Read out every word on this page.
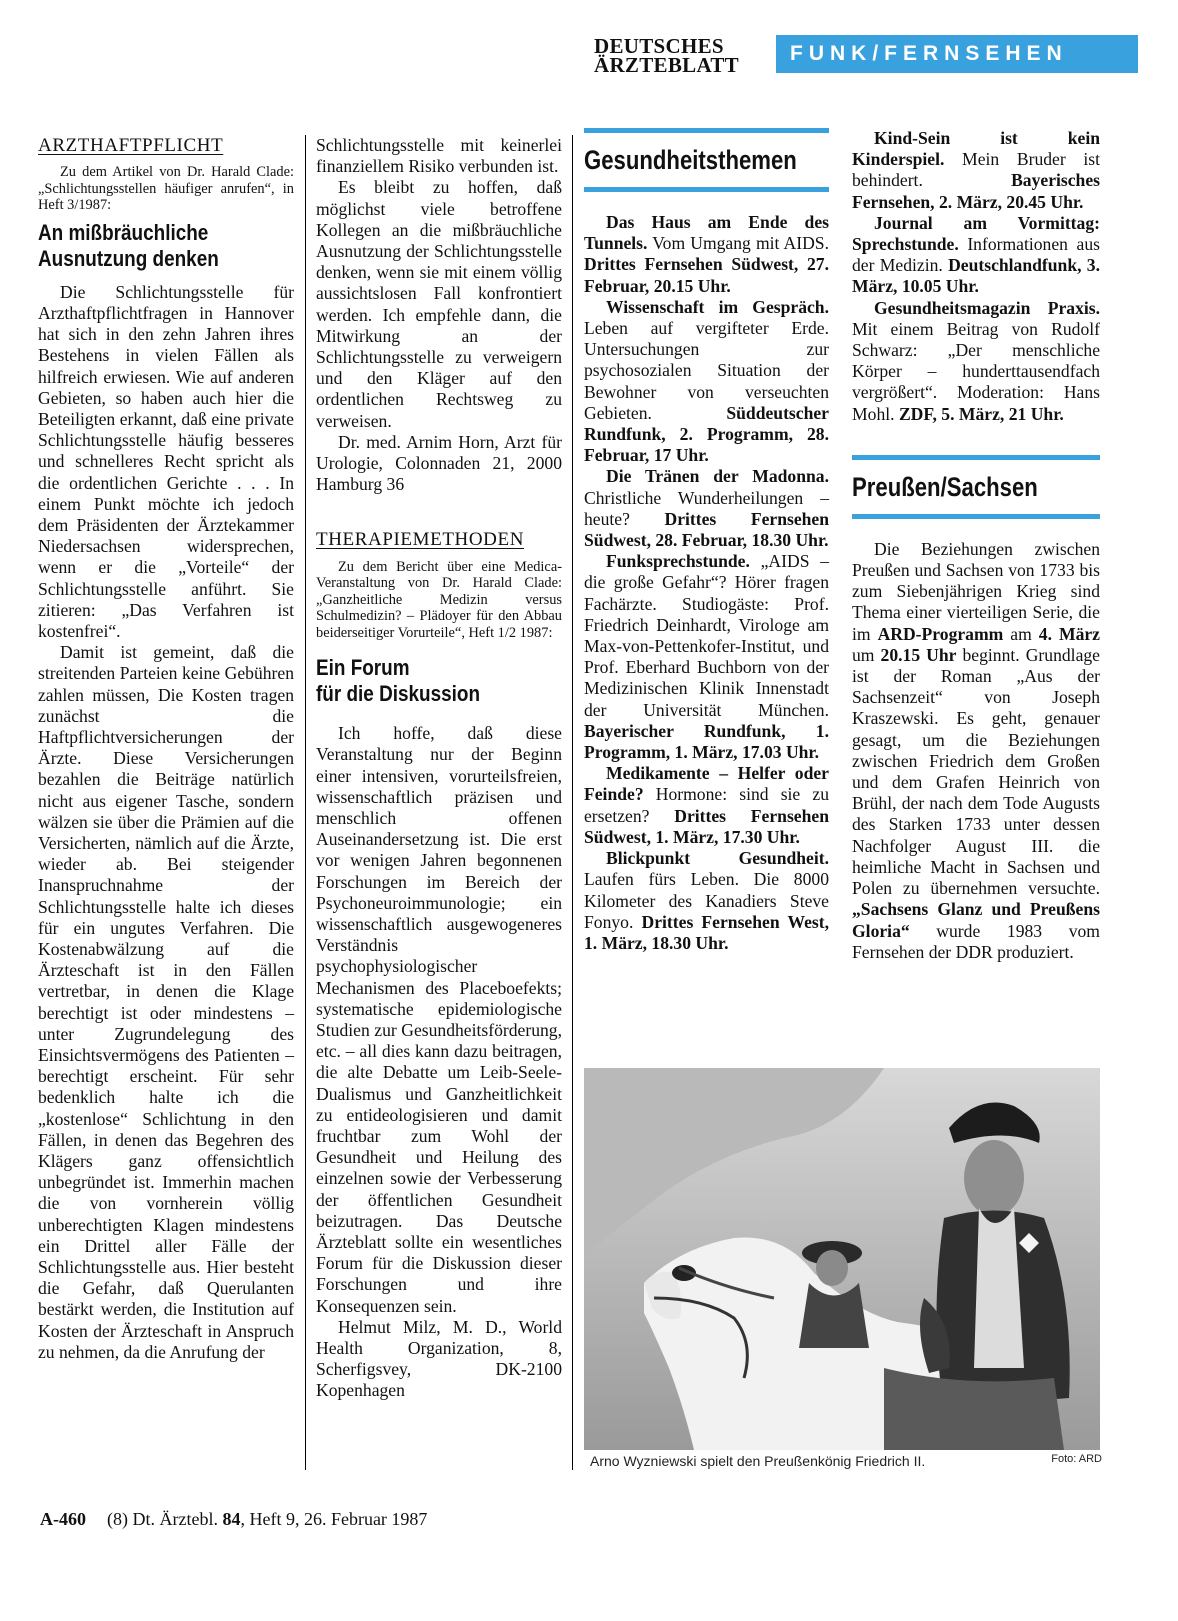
DEUTSCHES
ÄRZTEBLATT	FUNK/FERNSEHEN
ARZTHAFTPFLICHT

Zu dem Artikel von Dr. Harald Clade: „Schlichtungsstellen häufiger anrufen“, in Heft 3/1987:

An mißbräuchliche
Ausnutzung denken

Die Schlichtungsstelle für Arzthaftpflichtfragen in Hannover hat sich in den zehn Jahren ihres Bestehens in vielen Fällen als hilfreich erwiesen. Wie auf anderen Gebieten, so haben auch hier die Beteiligten erkannt, daß eine private Schlichtungsstelle häufig besseres und schnelleres Recht spricht als die ordentlichen Gerichte . . . In einem Punkt möchte ich jedoch dem Präsidenten der Ärztekammer Niedersachsen widersprechen, wenn er die „Vorteile“ der Schlichtungsstelle anführt. Sie zitieren: „Das Verfahren ist kostenfrei“.

Damit ist gemeint, daß die streitenden Parteien keine Gebühren zahlen müssen, Die Kosten tragen zunächst die Haftpflichtversicherungen der Ärzte. Diese Versicherungen bezahlen die Beiträge natürlich nicht aus eigener Tasche, sondern wälzen sie über die Prämien auf die Versicherten, nämlich auf die Ärzte, wieder ab. Bei steigender Inanspruchnahme der Schlichtungsstelle halte ich dieses für ein ungutes Verfahren. Die Kostenabwälzung auf die Ärzteschaft ist in den Fällen vertretbar, in denen die Klage berechtigt ist oder mindestens – unter Zugrundelegung des Einsichtsvermögens des Patienten – berechtigt erscheint. Für sehr bedenklich halte ich die „kostenlose“ Schlichtung in den Fällen, in denen das Begehren des Klägers ganz offensichtlich unbegründet ist. Immerhin machen die von vornherein völlig unberechtigten Klagen mindestens ein Drittel aller Fälle der Schlichtungsstelle aus. Hier besteht die Gefahr, daß Querulanten bestärkt werden, die Institution auf Kosten der Ärzteschaft in Anspruch zu nehmen, da die Anrufung der

Schlichtungsstelle mit keinerlei finanziellem Risiko verbunden ist.

Es bleibt zu hoffen, daß möglichst viele betroffene Kollegen an die mißbräuchliche Ausnutzung der Schlichtungsstelle denken, wenn sie mit einem völlig aussichtslosen Fall konfrontiert werden. Ich empfehle dann, die Mitwirkung an der Schlichtungsstelle zu verweigern und den Kläger auf den ordentlichen Rechtsweg zu verweisen.

Dr. med. Arnim Horn, Arzt für Urologie, Colonnaden 21, 2000 Hamburg 36

THERAPIEMETHODEN

Zu dem Bericht über eine Medica-Veranstaltung von Dr. Harald Clade: „Ganzheitliche Medizin versus Schulmedizin? – Plädoyer für den Abbau beiderseitiger Vorurteile“, Heft 1/2 1987:

Ein Forum
für die Diskussion

Ich hoffe, daß diese Veranstaltung nur der Beginn einer intensiven, vorurteilsfreien, wissenschaftlich präzisen und menschlich offenen Auseinandersetzung ist. Die erst vor wenigen Jahren begonnenen Forschungen im Bereich der Psychoneuroimmunologie; ein wissenschaftlich ausgewogeneres Verständnis psychophysiologischer Mechanismen des Placeboefekts; systematische epidemiologische Studien zur Gesundheitsförderung, etc. – all dies kann dazu beitragen, die alte Debatte um Leib-Seele-Dualismus und Ganzheitlichkeit zu entideologisieren und damit fruchtbar zum Wohl der Gesundheit und Heilung des einzelnen sowie der Verbesserung der öffentlichen Gesundheit beizutragen. Das Deutsche Ärzteblatt sollte ein wesentliches Forum für die Diskussion dieser Forschungen und ihre Konsequenzen sein.

Helmut Milz, M. D., World Health Organization, 8, Scherfigsvey, DK-2100 Kopenhagen

Gesundheitsthemen

Das Haus am Ende des Tunnels. Vom Umgang mit AIDS. Drittes Fernsehen Südwest, 27. Februar, 20.15 Uhr.

Wissenschaft im Gespräch. Leben auf vergifteter Erde. Untersuchungen zur psychosozialen Situation der Bewohner von verseuchten Gebieten. Süddeutscher Rundfunk, 2. Programm, 28. Februar, 17 Uhr.

Die Tränen der Madonna. Christliche Wunderheilungen – heute? Drittes Fernsehen Südwest, 28. Februar, 18.30 Uhr.

Funksprechstunde. „AIDS – die große Gefahr“? Hörer fragen Fachärzte. Studiogäste: Prof. Friedrich Deinhardt, Virologe am Max-von-Pettenkofer-Institut, und Prof. Eberhard Buchborn von der Medizinischen Klinik Innenstadt der Universität München. Bayerischer Rundfunk, 1. Programm, 1. März, 17.03 Uhr.

Medikamente – Helfer oder Feinde? Hormone: sind sie zu ersetzen? Drittes Fernsehen Südwest, 1. März, 17.30 Uhr.

Blickpunkt Gesundheit. Laufen fürs Leben. Die 8000 Kilometer des Kanadiers Steve Fonyo. Drittes Fernsehen West, 1. März, 18.30 Uhr.

Kind-Sein ist kein Kinderspiel. Mein Bruder ist behindert. Bayerisches Fernsehen, 2. März, 20.45 Uhr.

Journal am Vormittag: Sprechstunde. Informationen aus der Medizin. Deutschlandfunk, 3. März, 10.05 Uhr.

Gesundheitsmagazin Praxis. Mit einem Beitrag von Rudolf Schwarz: „Der menschliche Körper – hunderttausendfach vergrößert“. Moderation: Hans Mohl. ZDF, 5. März, 21 Uhr.

Preußen/Sachsen

Die Beziehungen zwischen Preußen und Sachsen von 1733 bis zum Siebenjährigen Krieg sind Thema einer vierteiligen Serie, die im ARD-Programm am 4. März um 20.15 Uhr beginnt. Grundlage ist der Roman „Aus der Sachsenzeit“ von Joseph Kraszewski. Es geht, genauer gesagt, um die Beziehungen zwischen Friedrich dem Großen und dem Grafen Heinrich von Brühl, der nach dem Tode Augusts des Starken 1733 unter dessen Nachfolger August III. die heimliche Macht in Sachsen und Polen zu übernehmen versuchte. „Sachsens Glanz und Preußens Gloria“ wurde 1983 vom Fernsehen der DDR produziert.

Arno Wyzniewski spielt den Preußenkönig Friedrich II.	Foto: ARD
A-460 (8) Dt. Ärztebl. 84, Heft 9, 26. Februar 1987
